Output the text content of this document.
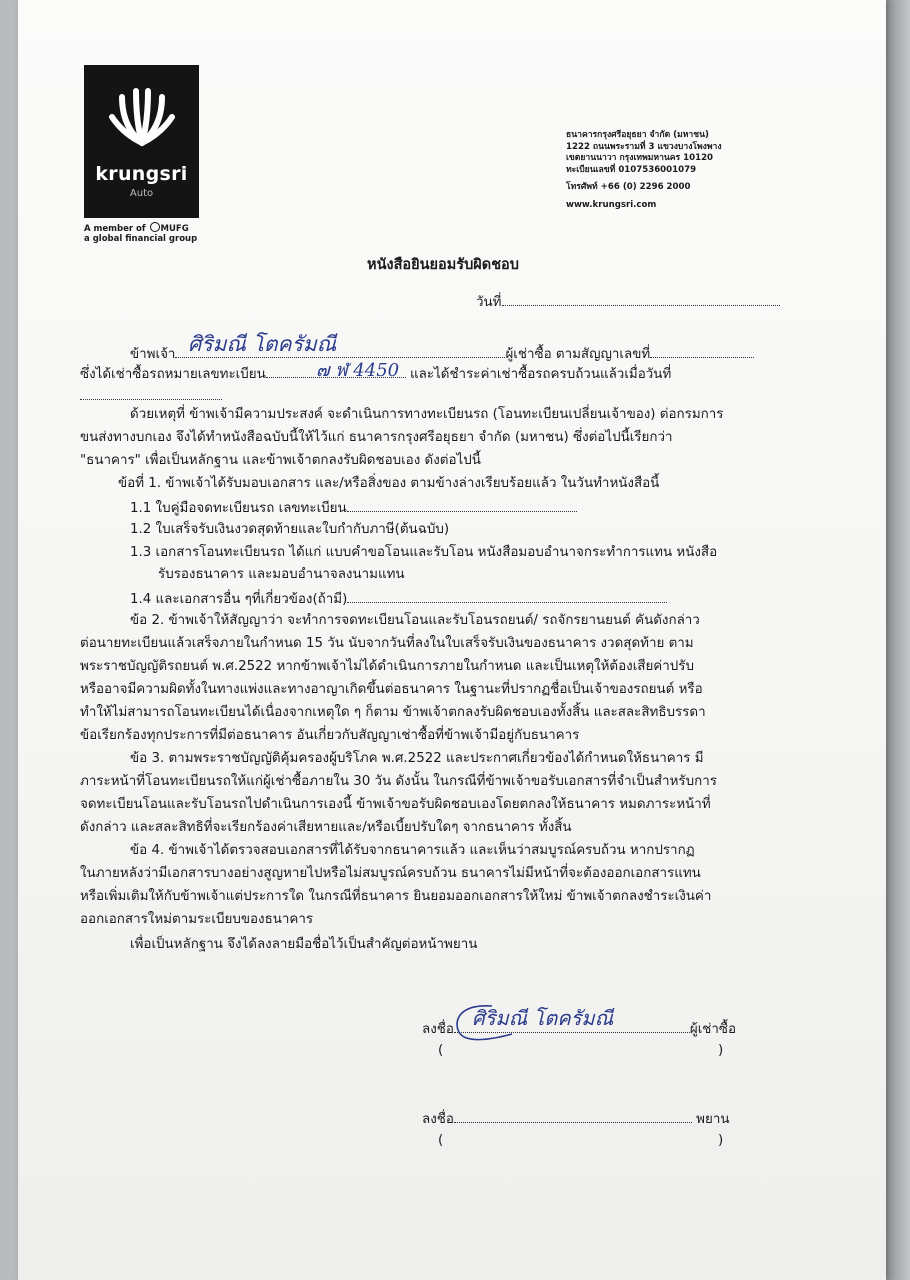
krungsri
Auto
A member of MUFG
a global financial group
ธนาคารกรุงศรีอยุธยา จำกัด (มหาชน)
1222 ถนนพระรามที่ 3 แขวงบางโพงพาง
เขตยานนาวา กรุงเทพมหานคร 10120
ทะเบียนเลขที่ 0107536001079
โทรศัพท์ +66 (0) 2296 2000
www.krungsri.com
หนังสือยินยอมรับผิดชอบ
วันที่
ข้าพเจ้า	ผู้เช่าซื้อ ตามสัญญาเลขที่
ศิริมณี โตครัมณี
ซึ่งได้เช่าซื้อรถหมายเลขทะเบียน	และได้ชำระค่าเช่าซื้อรถครบถ้วนแล้วเมื่อวันที่
๗ ฬ 4450
ด้วยเหตุที่ ข้าพเจ้ามีความประสงค์ จะดำเนินการทางทะเบียนรถ (โอนทะเบียนเปลี่ยนเจ้าของ) ต่อกรมการ
ขนส่งทางบกเอง จึงได้ทำหนังสือฉบับนี้ให้ไว้แก่ ธนาคารกรุงศรีอยุธยา จำกัด (มหาชน) ซึ่งต่อไปนี้เรียกว่า
"ธนาคาร" เพื่อเป็นหลักฐาน และข้าพเจ้าตกลงรับผิดชอบเอง ดังต่อไปนี้
ข้อที่ 1. ข้าพเจ้าได้รับมอบเอกสาร และ/หรือสิ่งของ ตามข้างล่างเรียบร้อยแล้ว ในวันทำหนังสือนี้
1.1 ใบคู่มือจดทะเบียนรถ เลขทะเบียน
1.2 ใบเสร็จรับเงินงวดสุดท้ายและใบกำกับภาษี(ต้นฉบับ)
1.3 เอกสารโอนทะเบียนรถ ได้แก่ แบบคำขอโอนและรับโอน หนังสือมอบอำนาจกระทำการแทน หนังสือ
รับรองธนาคาร และมอบอำนาจลงนามแทน
1.4 และเอกสารอื่น ๆที่เกี่ยวข้อง(ถ้ามี)
ข้อ 2. ข้าพเจ้าให้สัญญาว่า จะทำการจดทะเบียนโอนและรับโอนรถยนต์/ รถจักรยานยนต์ คันดังกล่าว
ต่อนายทะเบียนแล้วเสร็จภายในกำหนด 15 วัน นับจากวันที่ลงในใบเสร็จรับเงินของธนาคาร งวดสุดท้าย ตาม
พระราชบัญญัติรถยนต์ พ.ศ.2522 หากข้าพเจ้าไม่ได้ดำเนินการภายในกำหนด และเป็นเหตุให้ต้องเสียค่าปรับ
หรืออาจมีความผิดทั้งในทางแพ่งและทางอาญาเกิดขึ้นต่อธนาคาร ในฐานะที่ปรากฏชื่อเป็นเจ้าของรถยนต์ หรือ
ทำให้ไม่สามารถโอนทะเบียนได้เนื่องจากเหตุใด ๆ ก็ตาม ข้าพเจ้าตกลงรับผิดชอบเองทั้งสิ้น และสละสิทธิบรรดา
ข้อเรียกร้องทุกประการที่มีต่อธนาคาร อันเกี่ยวกับสัญญาเช่าซื้อที่ข้าพเจ้ามีอยู่กับธนาคาร
ข้อ 3. ตามพระราชบัญญัติคุ้มครองผู้บริโภค พ.ศ.2522 และประกาศเกี่ยวข้องได้กำหนดให้ธนาคาร มี
ภาระหน้าที่โอนทะเบียนรถให้แก่ผู้เช่าซื้อภายใน 30 วัน ดังนั้น ในกรณีที่ข้าพเจ้าขอรับเอกสารที่จำเป็นสำหรับการ
จดทะเบียนโอนและรับโอนรถไปดำเนินการเองนี้ ข้าพเจ้าขอรับผิดชอบเองโดยตกลงให้ธนาคาร หมดภาระหน้าที่
ดังกล่าว และสละสิทธิที่จะเรียกร้องค่าเสียหายและ/หรือเบี้ยปรับใดๆ จากธนาคาร ทั้งสิ้น
ข้อ 4. ข้าพเจ้าได้ตรวจสอบเอกสารที่ได้รับจากธนาคารแล้ว และเห็นว่าสมบูรณ์ครบถ้วน หากปรากฏ
ในภายหลังว่ามีเอกสารบางอย่างสูญหายไปหรือไม่สมบูรณ์ครบถ้วน ธนาคารไม่มีหน้าที่จะต้องออกเอกสารแทน
หรือเพิ่มเติมให้กับข้าพเจ้าแต่ประการใด ในกรณีที่ธนาคาร ยินยอมออกเอกสารให้ใหม่ ข้าพเจ้าตกลงชำระเงินค่า
ออกเอกสารใหม่ตามระเบียบของธนาคาร
เพื่อเป็นหลักฐาน จึงได้ลงลายมือชื่อไว้เป็นสำคัญต่อหน้าพยาน
ลงชื่อ	ผู้เช่าซื้อ
ศิริมณี โตครัมณี
(	)
ลงชื่อ	พยาน
(	)
